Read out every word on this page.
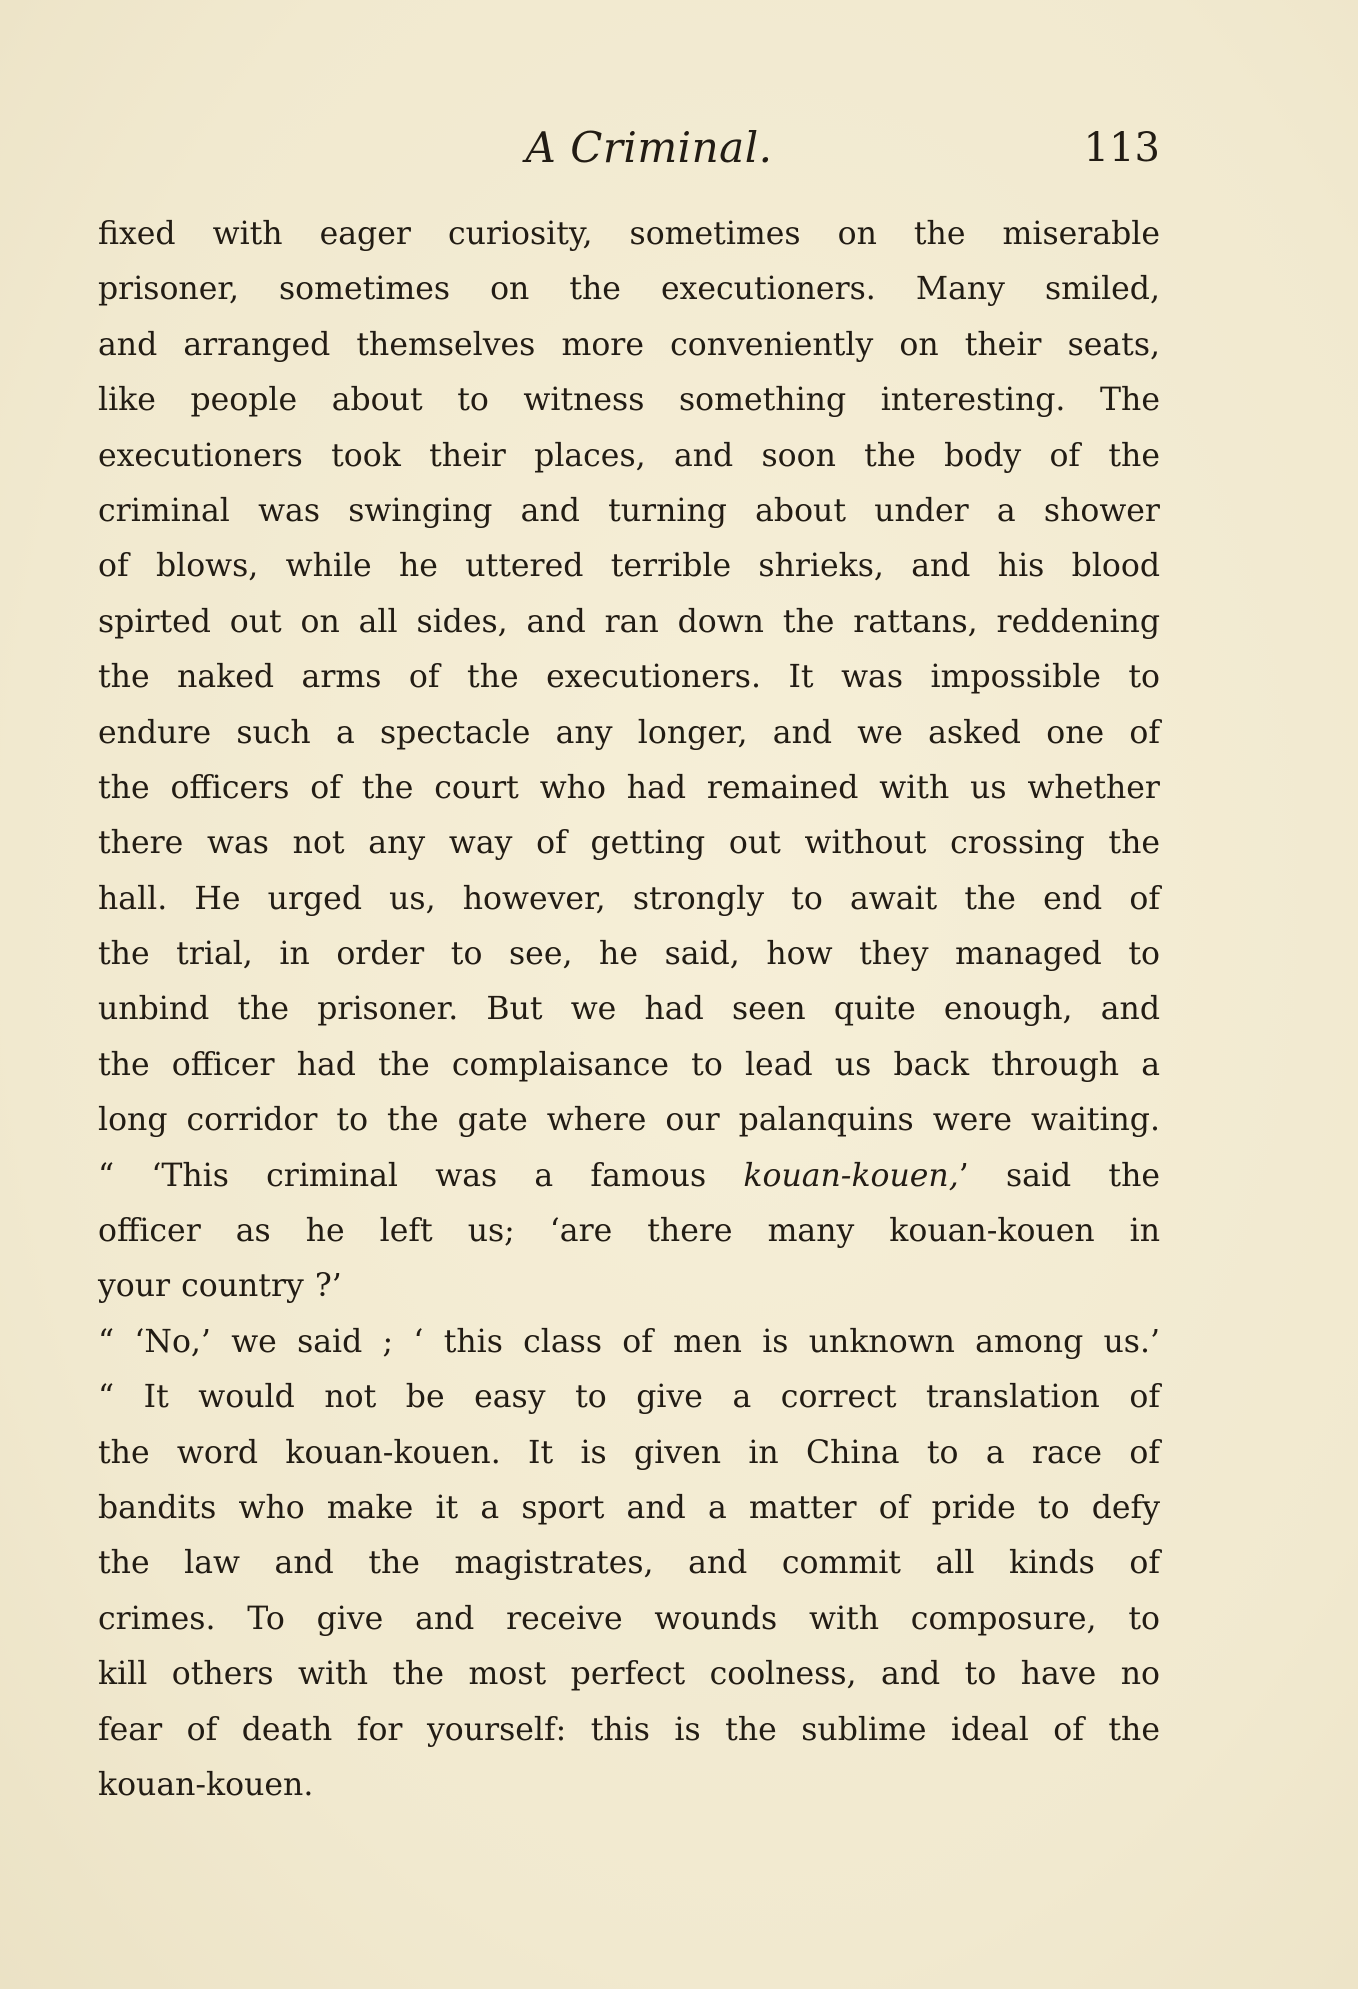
A Criminal.	113
fixed with eager curiosity, sometimes on the miserable
prisoner, sometimes on the executioners. Many smiled,
and arranged themselves more conveniently on their seats,
like people about to witness something interesting. The
executioners took their places, and soon the body of the
criminal was swinging and turning about under a shower
of blows, while he uttered terrible shrieks, and his blood
spirted out on all sides, and ran down the rattans, reddening
the naked arms of the executioners. It was impossible to
endure such a spectacle any longer, and we asked one of
the officers of the court who had remained with us whether
there was not any way of getting out without crossing the
hall. He urged us, however, strongly to await the end of
the trial, in order to see, he said, how they managed to
unbind the prisoner. But we had seen quite enough, and
the officer had the complaisance to lead us back through a
long corridor to the gate where our palanquins were waiting.
“ ‘This criminal was a famous kouan-kouen,’ said the
officer as he left us; ‘are there many kouan-kouen in
your country ?’
“ ‘No,’ we said ; ‘ this class of men is unknown among us.’
“ It would not be easy to give a correct translation of
the word kouan-kouen. It is given in China to a race of
bandits who make it a sport and a matter of pride to defy
the law and the magistrates, and commit all kinds of
crimes. To give and receive wounds with composure, to
kill others with the most perfect coolness, and to have no
fear of death for yourself: this is the sublime ideal of the
kouan-kouen.
